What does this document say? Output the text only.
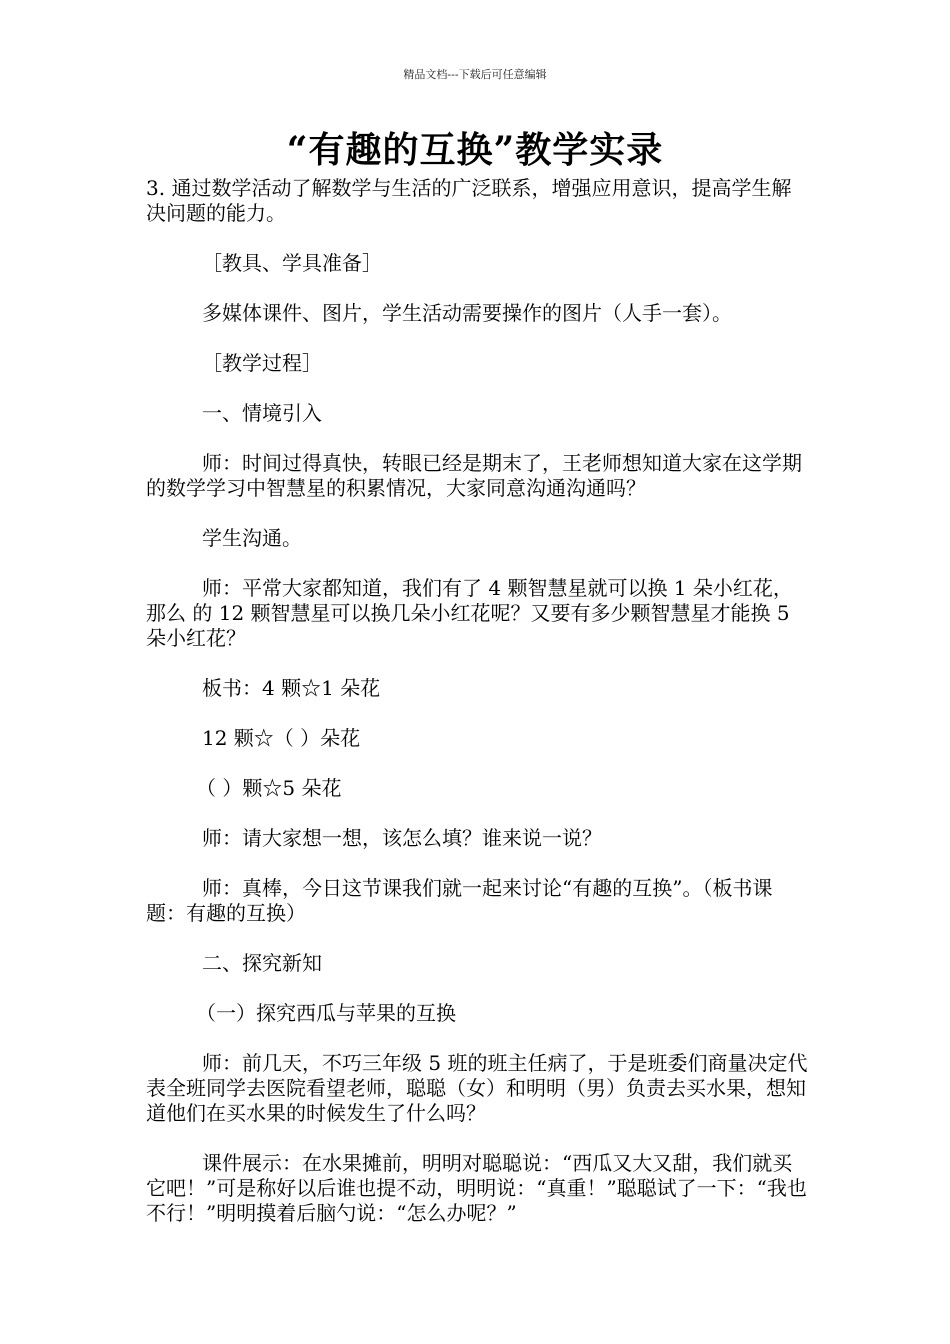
精品文档---下载后可任意编辑
“有趣的互换”教学实录

3. 通过数学活动了解数学与生活的广泛联系，增强应用意识，提高学生解决问题的能力。

［教具、学具准备］

多媒体课件、图片，学生活动需要操作的图片（人手一套）。

［教学过程］

一、情境引入

师：时间过得真快，转眼已经是期末了，王老师想知道大家在这学期的数学学习中智慧星的积累情况，大家同意沟通沟通吗？

学生沟通。

师：平常大家都知道，我们有了 4 颗智慧星就可以换 1 朵小红花，那么 的 12 颗智慧星可以换几朵小红花呢？又要有多少颗智慧星才能换 5 朵小红花？

板书：4 颗☆1 朵花

12 颗☆（ ）朵花

（ ）颗☆5 朵花

师：请大家想一想，该怎么填？谁来说一说？

师：真棒，今日这节课我们就一起来讨论“有趣的互换”。（板书课题：有趣的互换）

二、探究新知

（一）探究西瓜与苹果的互换

师：前几天，不巧三年级 5 班的班主任病了，于是班委们商量决定代表全班同学去医院看望老师，聪聪（女）和明明（男）负责去买水果，想知道他们在买水果的时候发生了什么吗？

课件展示：在水果摊前，明明对聪聪说：“西瓜又大又甜，我们就买它吧！”可是称好以后谁也提不动，明明说：“真重！”聪聪试了一下：“我也不行！”明明摸着后脑勺说：“怎么办呢？”
